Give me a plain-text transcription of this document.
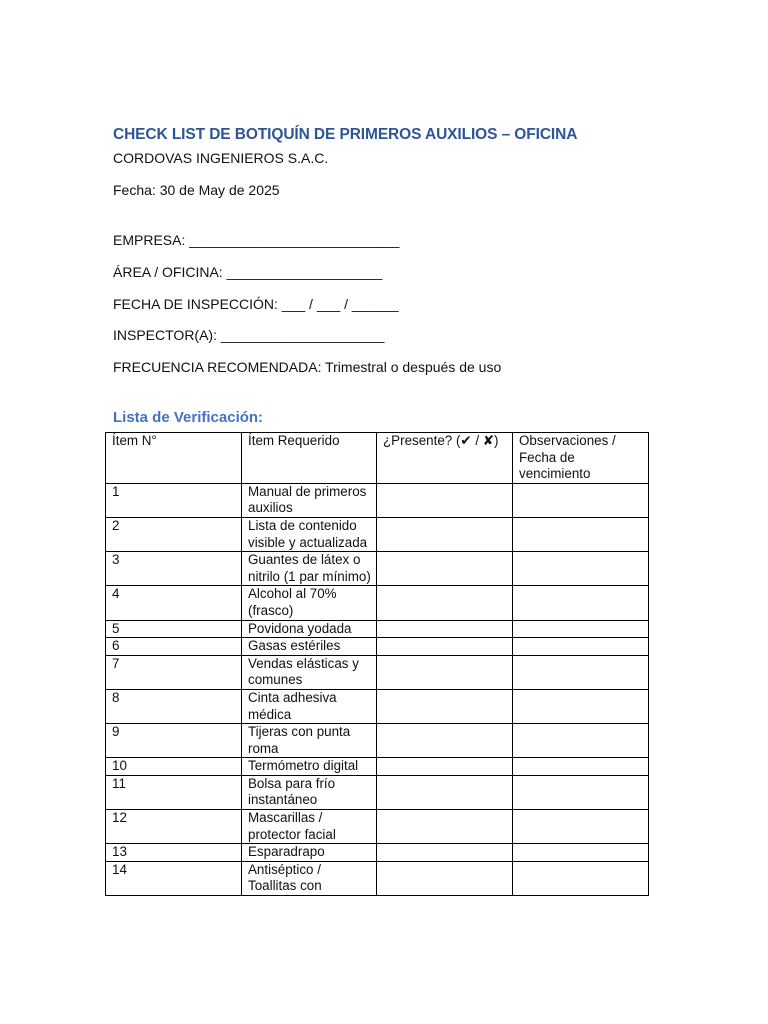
CHECK LIST DE BOTIQUÍN DE PRIMEROS AUXILIOS – OFICINA
CORDOVAS INGENIEROS S.A.C.
Fecha: 30 de May de 2025
EMPRESA: ___________________________
ÁREA / OFICINA: ____________________
FECHA DE INSPECCIÓN: ___ / ___ / ______
INSPECTOR(A): _____________________
FRECUENCIA RECOMENDADA: Trimestral o después de uso
Lista de Verificación:
Ítem N°	Ítem Requerido	¿Presente? (✔ / ✘)	Observaciones / Fecha de vencimiento
1	Manual de primeros auxilios		
2	Lista de contenido visible y actualizada		
3	Guantes de látex o nitrilo (1 par mínimo)		
4	Alcohol al 70% (frasco)		
5	Povidona yodada		
6	Gasas estériles		
7	Vendas elásticas y comunes		
8	Cinta adhesiva médica		
9	Tijeras con punta roma		
10	Termómetro digital		
11	Bolsa para frío instantáneo		
12	Mascarillas / protector facial		
13	Esparadrapo		
14	Antiséptico / Toallitas con		
